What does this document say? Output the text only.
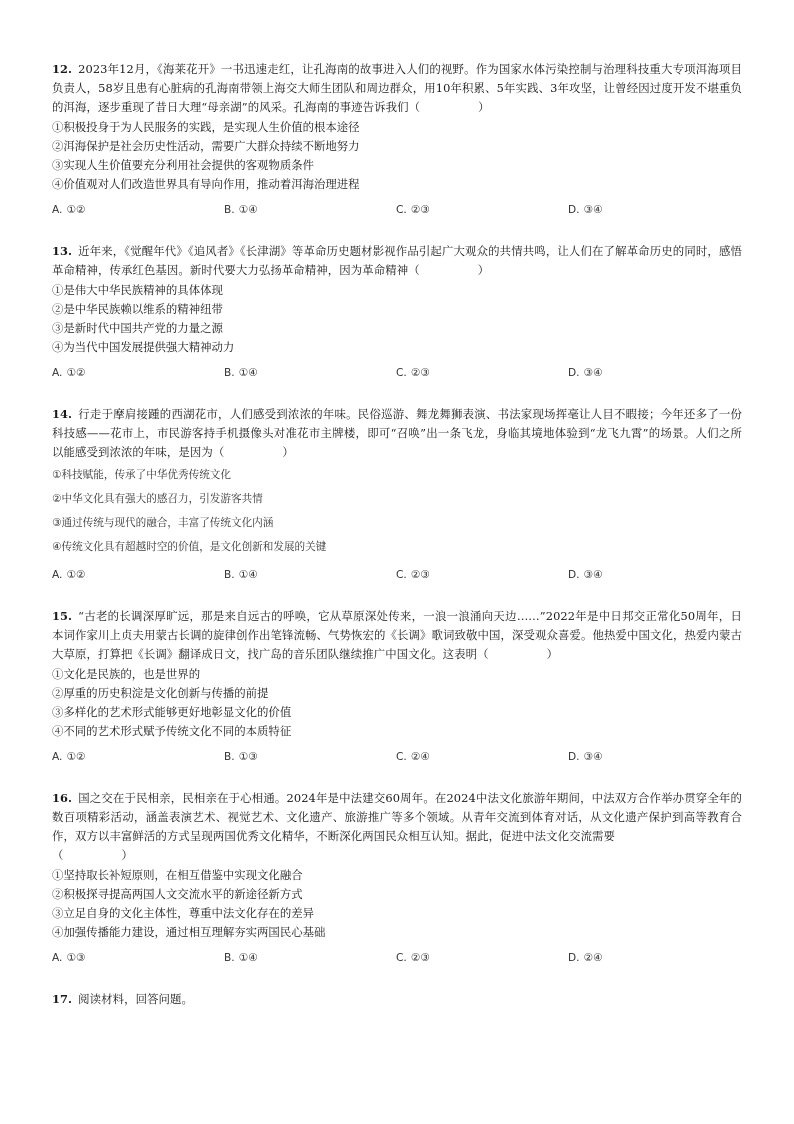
12. 2023年12月，《海莱花开》一书迅速走红，让孔海南的故事进入人们的视野。作为国家水体污染控制与治理科技重大专项洱海项目负责人，58岁且患有心脏病的孔海南带领上海交大师生团队和周边群众，用10年积累、5年实践、3年攻坚，让曾经因过度开发不堪重负的洱海，逐步重现了昔日大理“母亲湖”的风采。孔海南的事迹告诉我们（	）

①积极投身于为人民服务的实践，是实现人生价值的根本途径
②洱海保护是社会历史性活动，需要广大群众持续不断地努力
③实现人生价值要充分利用社会提供的客观物质条件
④价值观对人们改造世界具有导向作用，推动着洱海治理进程
A. ①②	B. ①④	C. ②③	D. ③④

13. 近年来，《觉醒年代》《追风者》《长津湖》等革命历史题材影视作品引起广大观众的共情共鸣，让人们在了解革命历史的同时，感悟革命精神，传承红色基因。新时代要大力弘扬革命精神，因为革命精神（	）

①是伟大中华民族精神的具体体现
②是中华民族赖以维系的精神纽带
③是新时代中国共产党的力量之源
④为当代中国发展提供强大精神动力
A. ①②	B. ①④	C. ②③	D. ③④

14. 行走于摩肩接踵的西湖花市，人们感受到浓浓的年味。民俗巡游、舞龙舞狮表演、书法家现场挥毫让人目不暇接；今年还多了一份科技感——花市上，市民游客持手机摄像头对准花市主牌楼，即可“召唤”出一条飞龙，身临其境地体验到“龙飞九霄”的场景。人们之所以能感受到浓浓的年味，是因为（	）

①科技赋能，传承了中华优秀传统文化
②中华文化具有强大的感召力，引发游客共情
③通过传统与现代的融合，丰富了传统文化内涵
④传统文化具有超越时空的价值，是文化创新和发展的关键
A. ①②	B. ①④	C. ②③	D. ③④

15. “古老的长调深厚旷远，那是来自远古的呼唤，它从草原深处传来，一浪一浪涌向天边……”2022年是中日邦交正常化50周年，日本词作家川上贞夫用蒙古长调的旋律创作出笔锋流畅、气势恢宏的《长调》歌词致敬中国，深受观众喜爱。他热爱中国文化，热爱内蒙古大草原，打算把《长调》翻译成日文，找广岛的音乐团队继续推广中国文化。这表明（	）

①文化是民族的，也是世界的
②厚重的历史积淀是文化创新与传播的前提
③多样化的艺术形式能够更好地彰显文化的价值
④不同的艺术形式赋予传统文化不同的本质特征
A. ①②	B. ①③	C. ②④	D. ③④

16. 国之交在于民相亲，民相亲在于心相通。2024年是中法建交60周年。在2024中法文化旅游年期间，中法双方合作举办贯穿全年的数百项精彩活动，涵盖表演艺术、视觉艺术、文化遗产、旅游推广等多个领域。从青年交流到体育对话，从文化遗产保护到高等教育合作，双方以丰富鲜活的方式呈现两国优秀文化精华，不断深化两国民众相互认知。据此，促进中法文化交流需要
（	）

①坚持取长补短原则，在相互借鉴中实现文化融合
②积极探寻提高两国人文交流水平的新途径新方式
③立足自身的文化主体性，尊重中法文化存在的差异
④加强传播能力建设，通过相互理解夯实两国民心基础
A. ①③	B. ①④	C. ②③	D. ②④

17. 阅读材料，回答问题。
